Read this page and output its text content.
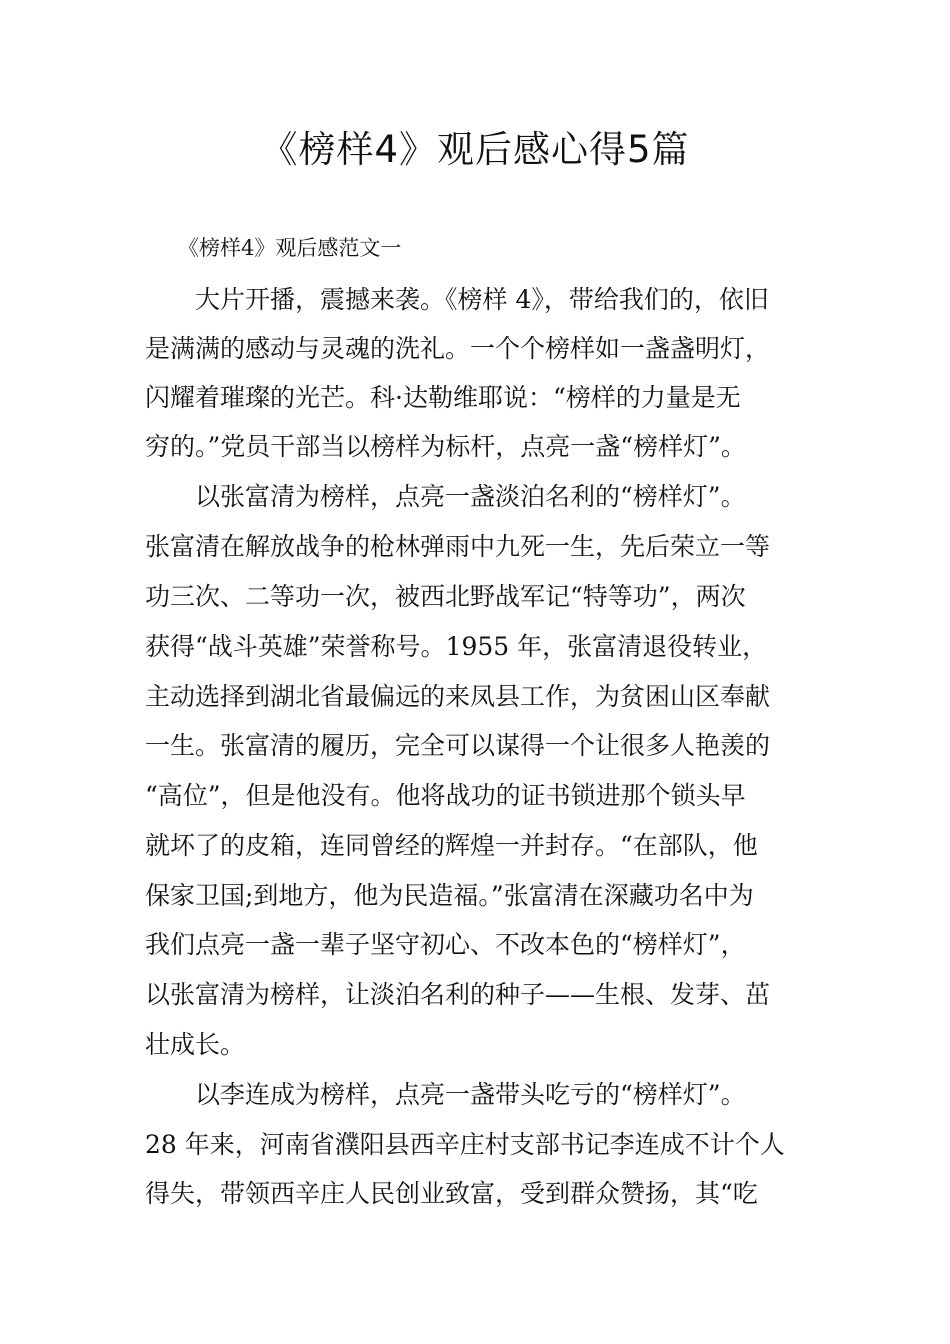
《榜样4》观后感心得5篇

《榜样4》观后感范文一

大片开播，震撼来袭。《榜样 4》，带给我们的，依旧

是满满的感动与灵魂的洗礼。一个个榜样如一盏盏明灯，

闪耀着璀璨的光芒。科·达勒维耶说：“榜样的力量是无

穷的。”党员干部当以榜样为标杆，点亮一盏“榜样灯”。

以张富清为榜样，点亮一盏淡泊名利的“榜样灯”。

张富清在解放战争的枪林弹雨中九死一生，先后荣立一等

功三次、二等功一次，被西北野战军记“特等功”，两次

获得“战斗英雄”荣誉称号。1955 年，张富清退役转业，

主动选择到湖北省最偏远的来凤县工作，为贫困山区奉献

一生。张富清的履历，完全可以谋得一个让很多人艳羡的

“高位”，但是他没有。他将战功的证书锁进那个锁头早

就坏了的皮箱，连同曾经的辉煌一并封存。“在部队，他

保家卫国;到地方，他为民造福。”张富清在深藏功名中为

我们点亮一盏一辈子坚守初心、不改本色的“榜样灯”，

以张富清为榜样，让淡泊名利的种子——生根、发芽、茁

壮成长。

以李连成为榜样，点亮一盏带头吃亏的“榜样灯”。

28 年来，河南省濮阳县西辛庄村支部书记李连成不计个人

得失，带领西辛庄人民创业致富，受到群众赞扬，其“吃
